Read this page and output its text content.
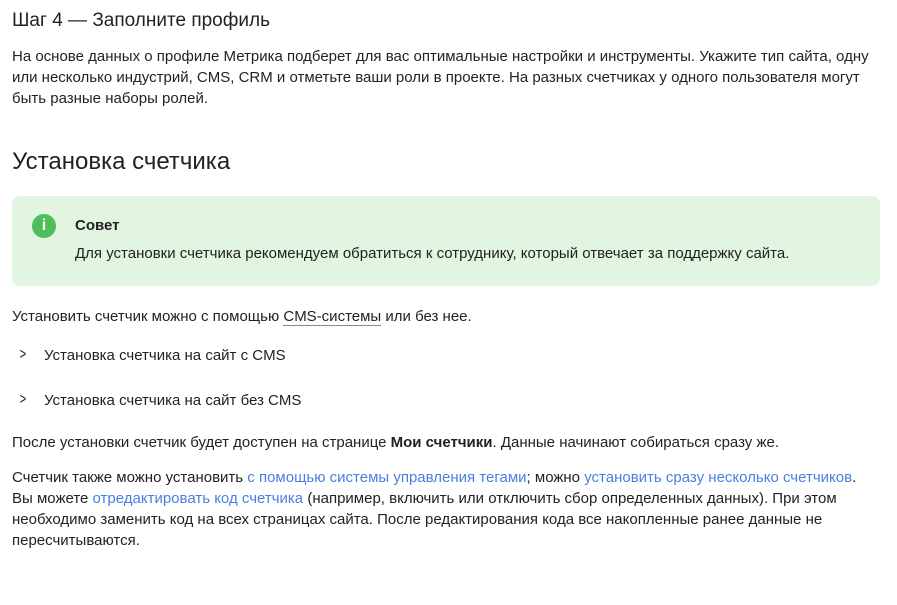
Шаг 4 — Заполните профиль

На основе данных о профиле Метрика подберет для вас оптимальные настройки и инструменты. Укажите тип сайта, одну или несколько индустрий, CMS, CRM и отметьте ваши роли в проекте. На разных счетчиках у одного пользователя могут быть разные наборы ролей.

Установка счетчика
i	Совет
Для установки счетчика рекомендуем обратиться к сотруднику, который отвечает за поддержку сайта.

Установить счетчик можно с помощью CMS-системы или без нее.

>	Установка счетчика на сайт с CMS
>	Установка счетчика на сайт без CMS

После установки счетчик будет доступен на странице Мои счетчики. Данные начинают собираться сразу же.

Счетчик также можно установить с помощью системы управления тегами; можно установить сразу несколько счетчиков.
Вы можете отредактировать код счетчика (например, включить или отключить сбор определенных данных). При этом необходимо заменить код на всех страницах сайта. После редактирования кода все накопленные ранее данные не пересчитываются.
